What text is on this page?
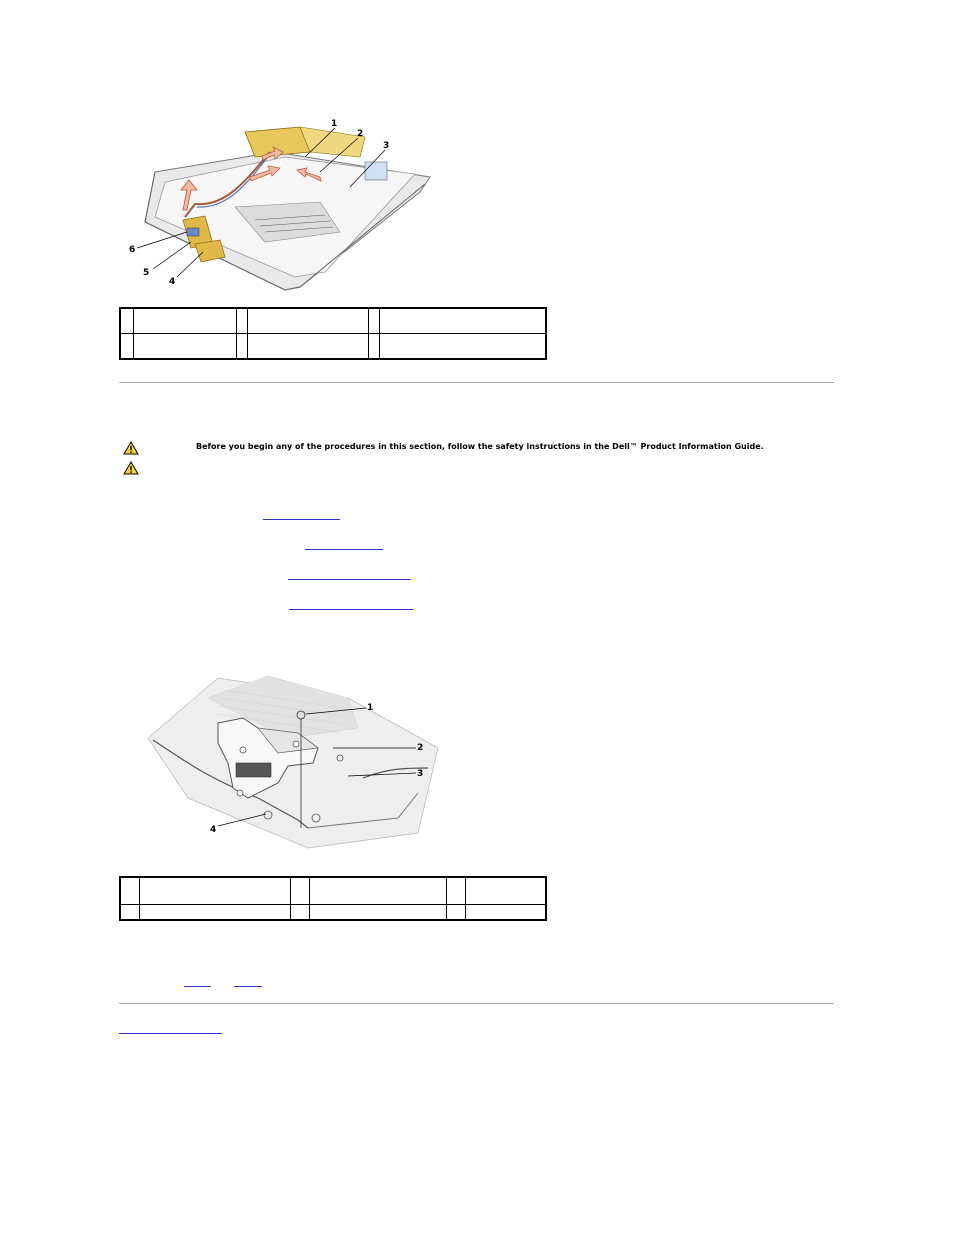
1
2
3
4
5
6

Before you begin any of the procedures in this section, follow the safety instructions in the Dell™ Product Information Guide.
1
2
3
4
